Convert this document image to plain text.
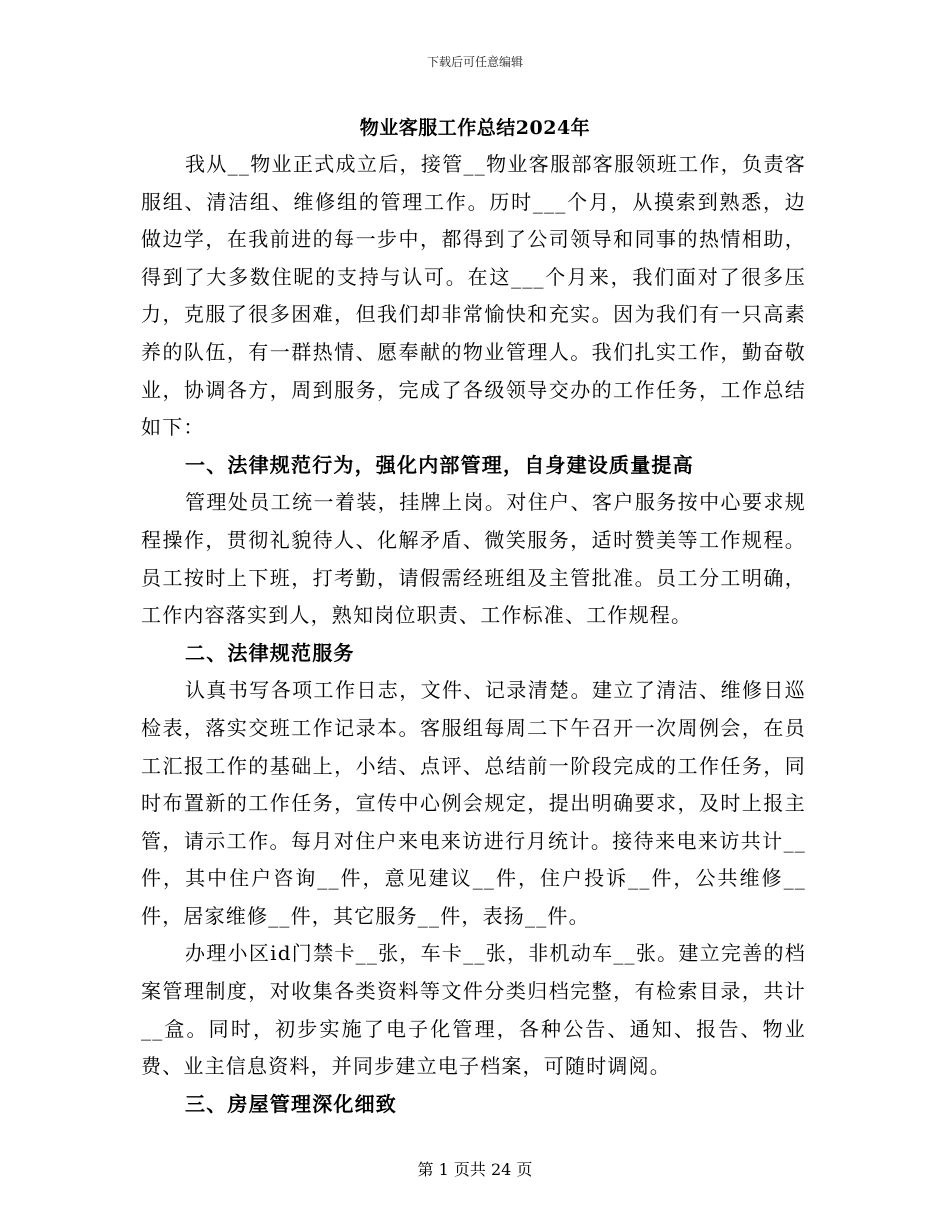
下载后可任意编辑
物业客服工作总结2024年

我从__物业正式成立后，接管__物业客服部客服领班工作，负责客服组、清洁组、维修组的管理工作。历时___个月，从摸索到熟悉，边做边学，在我前进的每一步中，都得到了公司领导和同事的热情相助，得到了大多数住昵的支持与认可。在这___个月来，我们面对了很多压力，克服了很多困难，但我们却非常愉快和充实。因为我们有一只高素养的队伍，有一群热情、愿奉献的物业管理人。我们扎实工作，勤奋敬业，协调各方，周到服务，完成了各级领导交办的工作任务，工作总结如下：

一、法律规范行为，强化内部管理，自身建设质量提高

管理处员工统一着装，挂牌上岗。对住户、客户服务按中心要求规程操作，贯彻礼貌待人、化解矛盾、微笑服务，适时赞美等工作规程。员工按时上下班，打考勤，请假需经班组及主管批准。员工分工明确，工作内容落实到人，熟知岗位职责、工作标准、工作规程。

二、法律规范服务

认真书写各项工作日志，文件、记录清楚。建立了清洁、维修日巡检表，落实交班工作记录本。客服组每周二下午召开一次周例会，在员工汇报工作的基础上，小结、点评、总结前一阶段完成的工作任务，同时布置新的工作任务，宣传中心例会规定，提出明确要求，及时上报主管，请示工作。每月对住户来电来访进行月统计。接待来电来访共计__件，其中住户咨询__件，意见建议__件，住户投诉__件，公共维修__件，居家维修__件，其它服务__件，表扬__件。

办理小区id门禁卡__张，车卡__张，非机动车__张。建立完善的档案管理制度，对收集各类资料等文件分类归档完整，有检索目录，共计__盒。同时，初步实施了电子化管理，各种公告、通知、报告、物业费、业主信息资料，并同步建立电子档案，可随时调阅。

三、房屋管理深化细致

第 1 页共 24 页
